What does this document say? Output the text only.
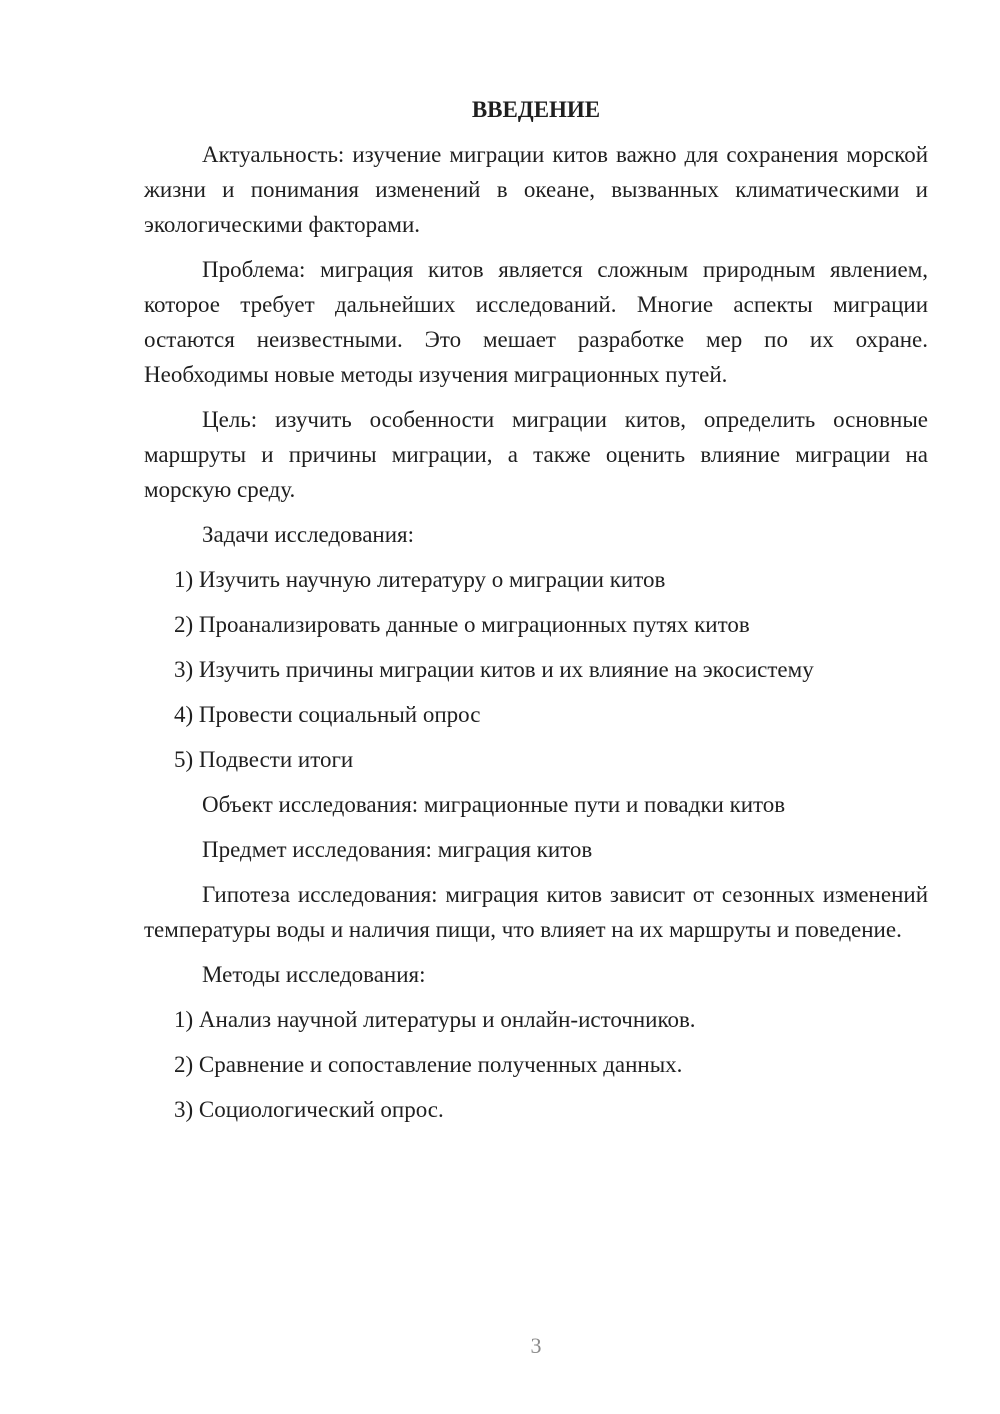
ВВЕДЕНИЕ

Актуальность: изучение миграции китов важно для сохранения морской жизни и понимания изменений в океане, вызванных климатическими и экологическими факторами.

Проблема: миграция китов является сложным природным явлением, которое требует дальнейших исследований. Многие аспекты миграции остаются неизвестными. Это мешает разработке мер по их охране. Необходимы новые методы изучения миграционных путей.

Цель: изучить особенности миграции китов, определить основные маршруты и причины миграции, а также оценить влияние миграции на морскую среду.

Задачи исследования:

1) Изучить научную литературу о миграции китов
2) Проанализировать данные о миграционных путях китов
3) Изучить причины миграции китов и их влияние на экосистему
4) Провести социальный опрос
5) Подвести итоги

Объект исследования: миграционные пути и повадки китов

Предмет исследования: миграция китов

Гипотеза исследования: миграция китов зависит от сезонных изменений температуры воды и наличия пищи, что влияет на их маршруты и поведение.

Методы исследования:

1) Анализ научной литературы и онлайн-источников.
2) Сравнение и сопоставление полученных данных.
3) Социологический опрос.
3
